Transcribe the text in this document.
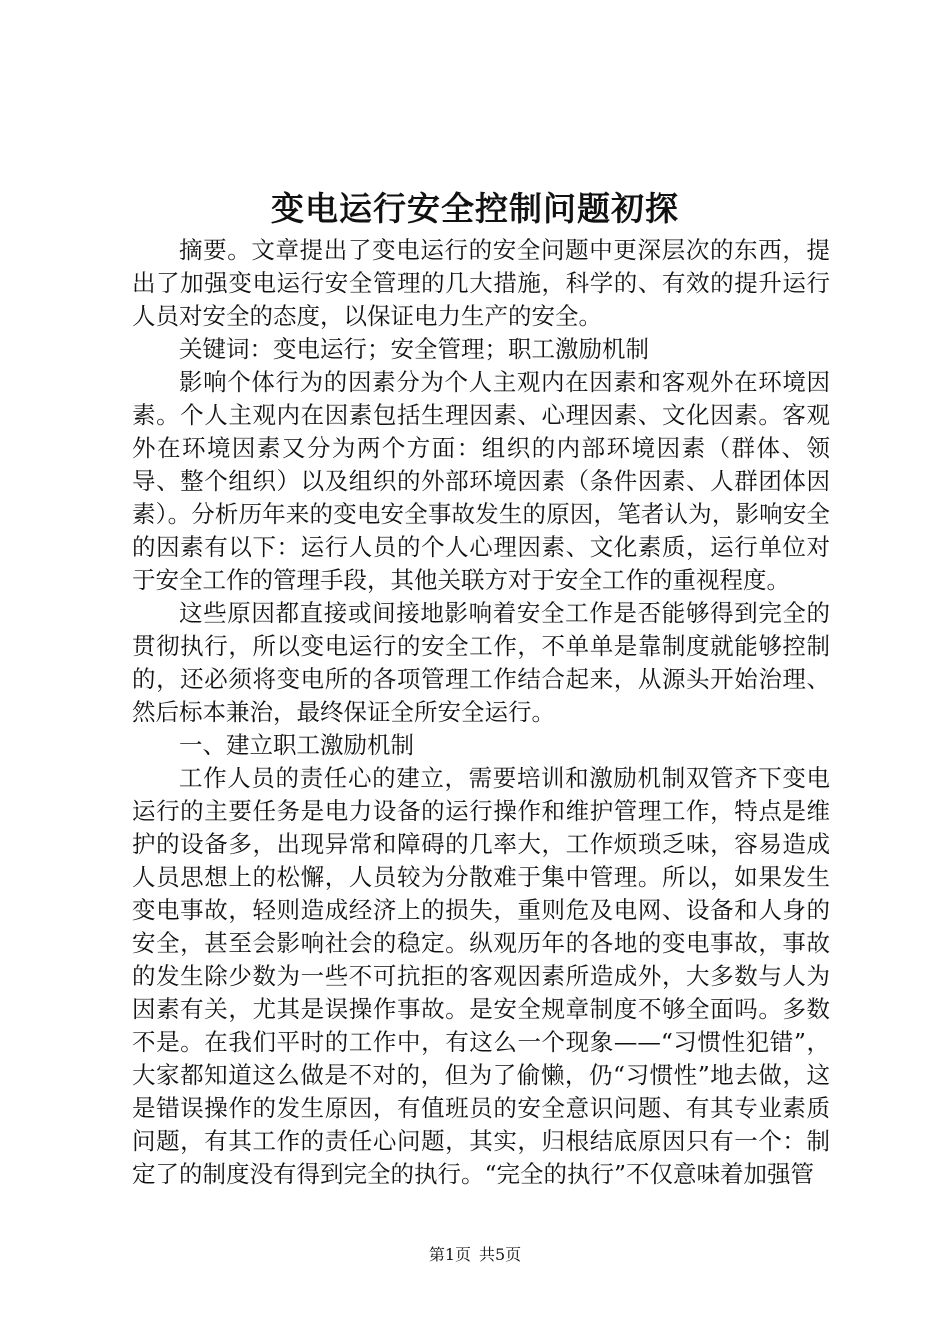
变电运行安全控制问题初探

摘要。文章提出了变电运行的安全问题中更深层次的东西，提出了加强变电运行安全管理的几大措施，科学的、有效的提升运行人员对安全的态度，以保证电力生产的安全。

关键词：变电运行；安全管理；职工激励机制

影响个体行为的因素分为个人主观内在因素和客观外在环境因素。个人主观内在因素包括生理因素、心理因素、文化因素。客观外在环境因素又分为两个方面：组织的内部环境因素（群体、领导、整个组织）以及组织的外部环境因素（条件因素、人群团体因素）。分析历年来的变电安全事故发生的原因，笔者认为，影响安全的因素有以下：运行人员的个人心理因素、文化素质，运行单位对于安全工作的管理手段，其他关联方对于安全工作的重视程度。

这些原因都直接或间接地影响着安全工作是否能够得到完全的贯彻执行，所以变电运行的安全工作，不单单是靠制度就能够控制的，还必须将变电所的各项管理工作结合起来，从源头开始治理、然后标本兼治，最终保证全所安全运行。

一、建立职工激励机制

工作人员的责任心的建立，需要培训和激励机制双管齐下变电运行的主要任务是电力设备的运行操作和维护管理工作，特点是维护的设备多，出现异常和障碍的几率大，工作烦琐乏味，容易造成人员思想上的松懈，人员较为分散难于集中管理。所以，如果发生变电事故，轻则造成经济上的损失，重则危及电网、设备和人身的安全，甚至会影响社会的稳定。纵观历年的各地的变电事故，事故的发生除少数为一些不可抗拒的客观因素所造成外，大多数与人为因素有关，尤其是误操作事故。是安全规章制度不够全面吗。多数不是。在我们平时的工作中，有这么一个现象——“习惯性犯错”，大家都知道这么做是不对的，但为了偷懒，仍“习惯性”地去做，这是错误操作的发生原因，有值班员的安全意识问题、有其专业素质问题，有其工作的责任心问题，其实，归根结底原因只有一个：制定了的制度没有得到完全的执行。“完全的执行”不仅意味着加强管

第1页 共5页
